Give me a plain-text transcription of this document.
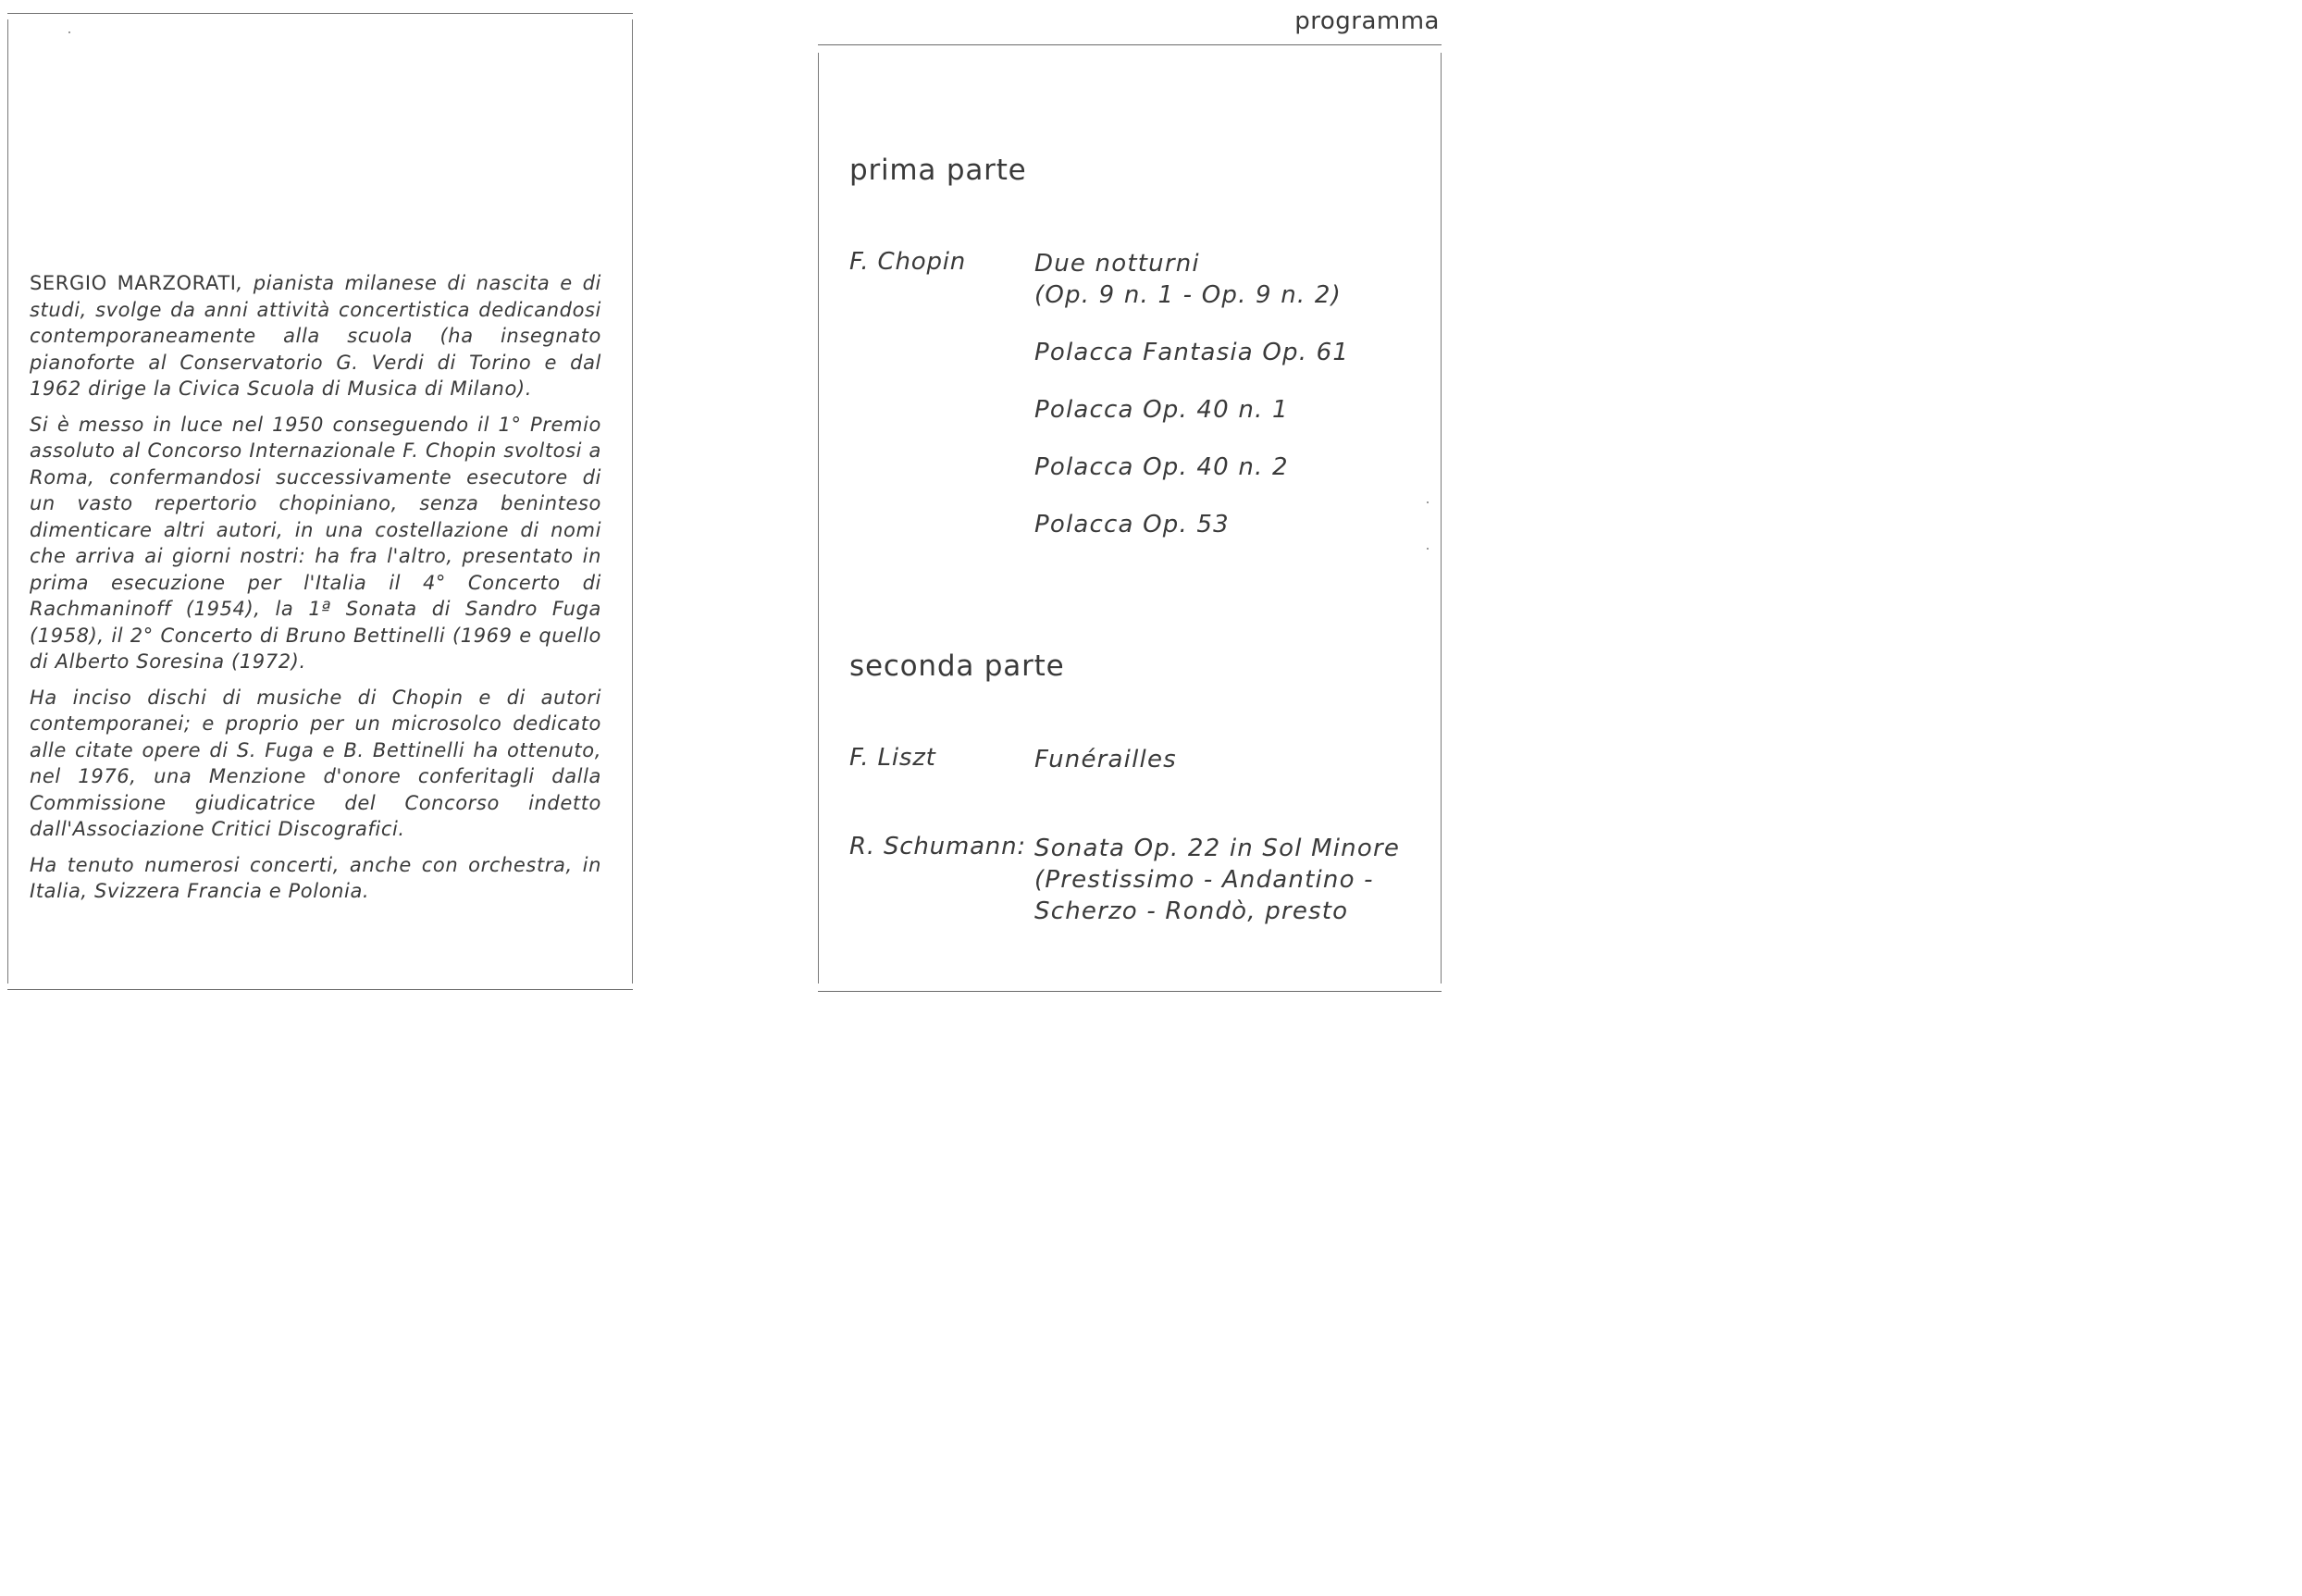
SERGIO MARZORATI, pianista milanese di nascita e di studi, svolge da anni attività concertistica dedicandosi contemporaneamente alla scuola (ha insegnato pianoforte al Conservatorio G. Verdi di Torino e dal 1962 dirige la Civica Scuola di Musica di Milano).

Si è messo in luce nel 1950 conseguendo il 1° Premio assoluto al Concorso Internazionale F. Chopin svoltosi a Roma, confermandosi successivamente esecutore di un vasto repertorio chopiniano, senza beninteso dimenticare altri autori, in una costellazione di nomi che arriva ai giorni nostri: ha fra l'altro, presentato in prima esecuzione per l'Italia il 4° Concerto di Rachmaninoff (1954), la 1ª Sonata di Sandro Fuga (1958), il 2° Concerto di Bruno Bettinelli (1969 e quello di Alberto Soresina (1972).

Ha inciso dischi di musiche di Chopin e di autori contemporanei; e proprio per un microsolco dedicato alle citate opere di S. Fuga e B. Bettinelli ha ottenuto, nel 1976, una Menzione d'onore conferitagli dalla Commissione giudicatrice del Concorso indetto dall'Associazione Critici Discografici.

Ha tenuto numerosi concerti, anche con orchestra, in Italia, Svizzera Francia e Polonia.

programma
prima parte
F. Chopin	Due notturni
(Op. 9 n. 1 - Op. 9 n. 2)
Polacca Fantasia Op. 61
Polacca Op. 40 n. 1
Polacca Op. 40 n. 2
Polacca Op. 53
seconda parte
F. Liszt	Funérailles
R. Schumann: Sonata Op. 22 in Sol Minore
(Prestissimo - Andantino -
Scherzo - Rondò, presto
